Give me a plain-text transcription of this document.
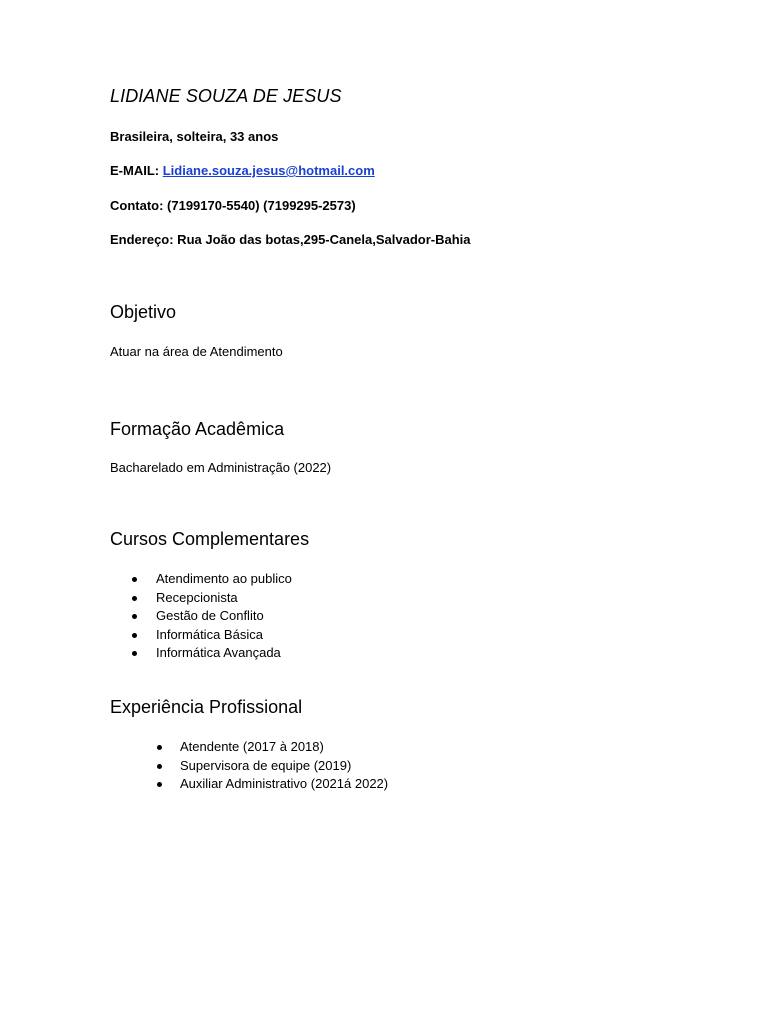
LIDIANE SOUZA DE JESUS
Brasileira, solteira, 33 anos
E-MAIL: Lidiane.souza.jesus@hotmail.com
Contato: (7199170-5540) (7199295-2573)
Endereço: Rua João das botas,295-Canela,Salvador-Bahia
Objetivo
Atuar na área de Atendimento
Formação Acadêmica
Bacharelado em Administração (2022)
Cursos Complementares
Atendimento ao publico
Recepcionista
Gestão de Conflito
Informática Básica
Informática Avançada
Experiência Profissional
Atendente (2017 à 2018)
Supervisora de equipe (2019)
Auxiliar Administrativo (2021á 2022)
